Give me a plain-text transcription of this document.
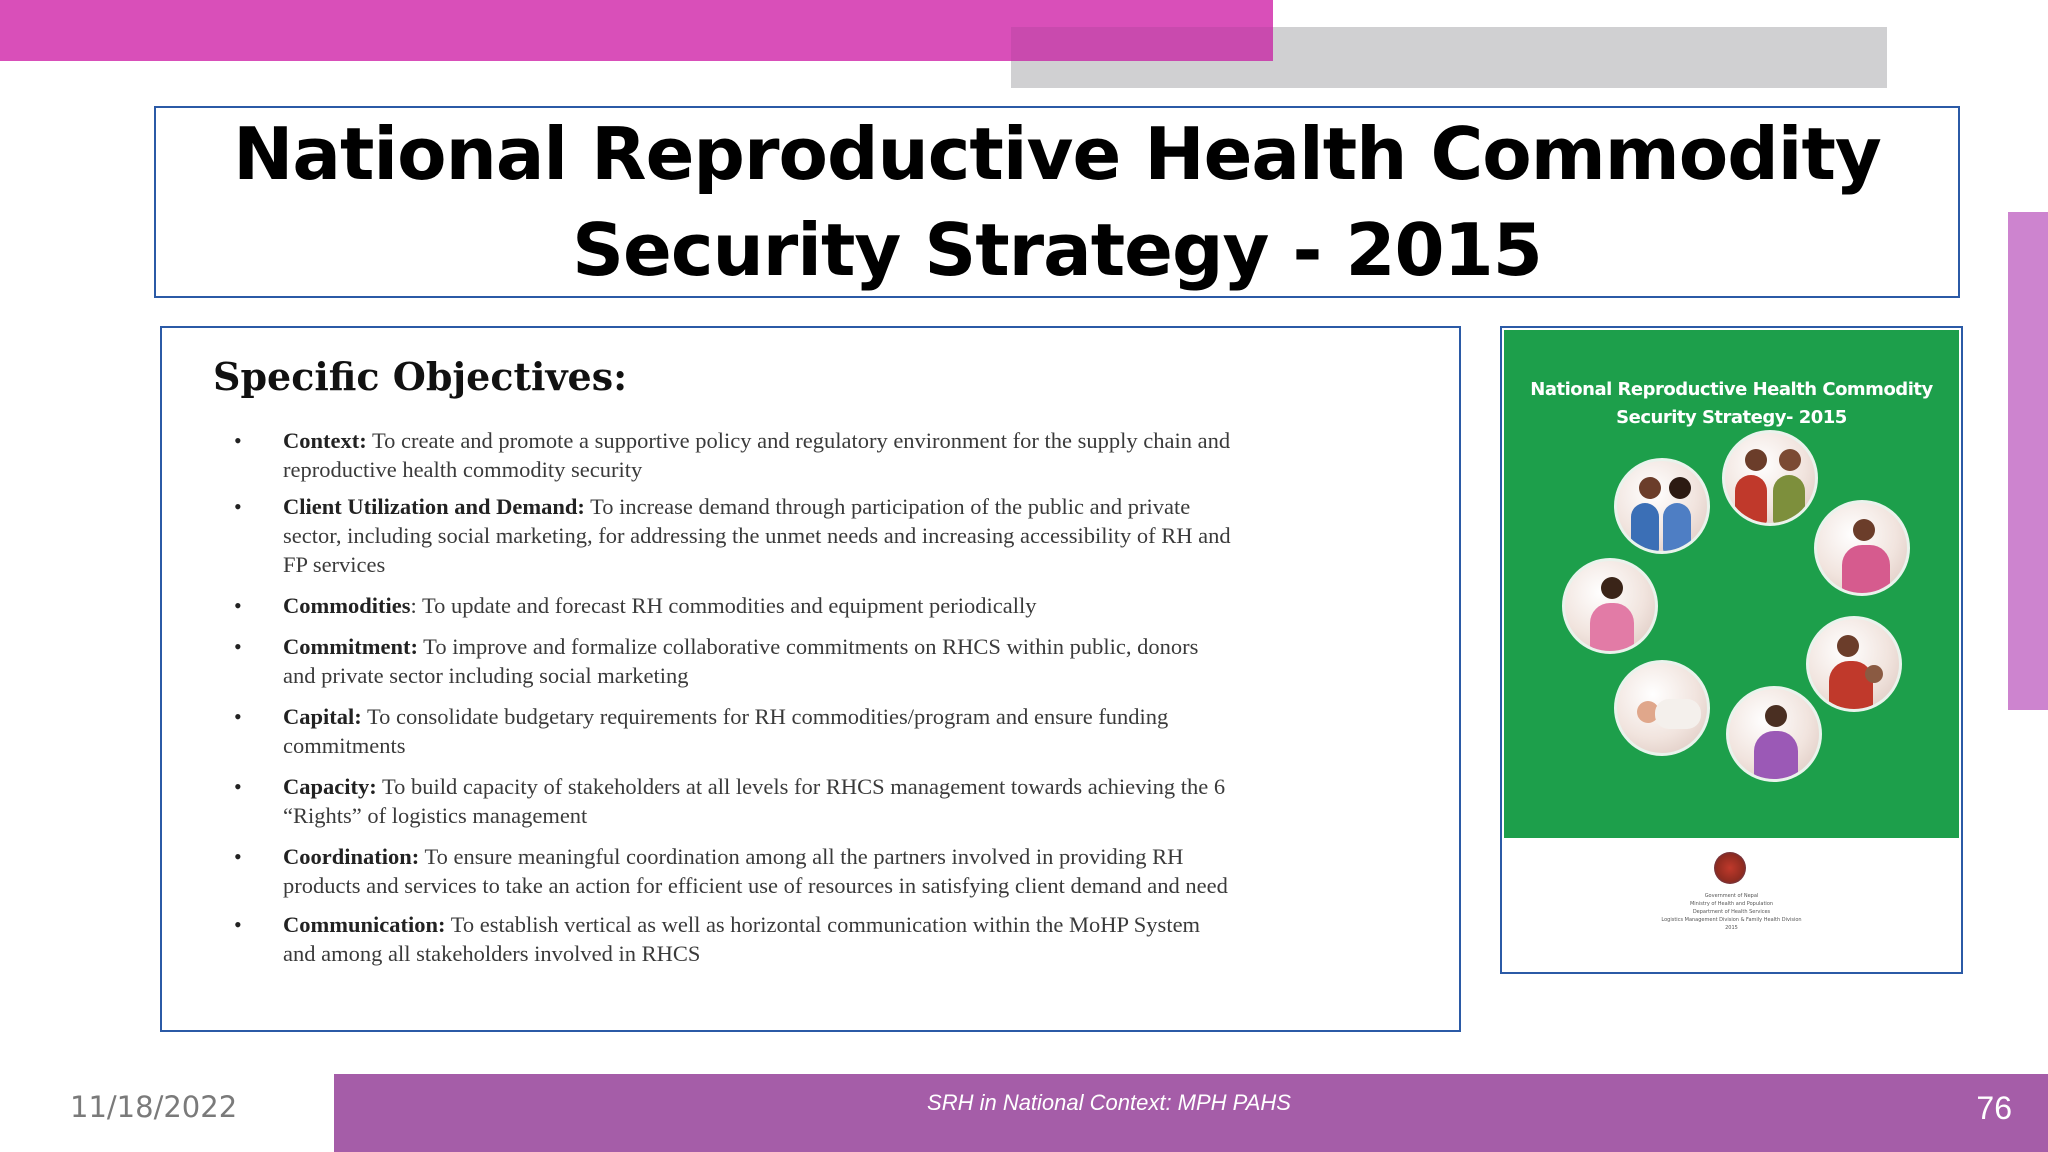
National Reproductive Health Commodity Security Strategy - 2015
Specific Objectives:
• Context: To create and promote a supportive policy and regulatory environment for the supply chain and reproductive health commodity security
• Client Utilization and Demand: To increase demand through participation of the public and private sector, including social marketing, for addressing the unmet needs and increasing accessibility of RH and FP services
• Commodities: To update and forecast RH commodities and equipment periodically
• Commitment: To improve and formalize collaborative commitments on RHCS within public, donors and private sector including social marketing
• Capital: To consolidate budgetary requirements for RH commodities/program and ensure funding commitments
• Capacity: To build capacity of stakeholders at all levels for RHCS management towards achieving the 6 “Rights” of logistics management
• Coordination: To ensure meaningful coordination among all the partners involved in providing RH products and services to take an action for efficient use of resources in satisfying client demand and need
• Communication: To establish vertical as well as horizontal communication within the MoHP System and among all stakeholders involved in RHCS

National Reproductive Health Commodity Security Strategy- 2015

Government of Nepal
Ministry of Health and Population
Department of Health Services
Logistics Management Division & Family Health Division
2015

11/18/2022	SRH in National Context: MPH PAHS	76
